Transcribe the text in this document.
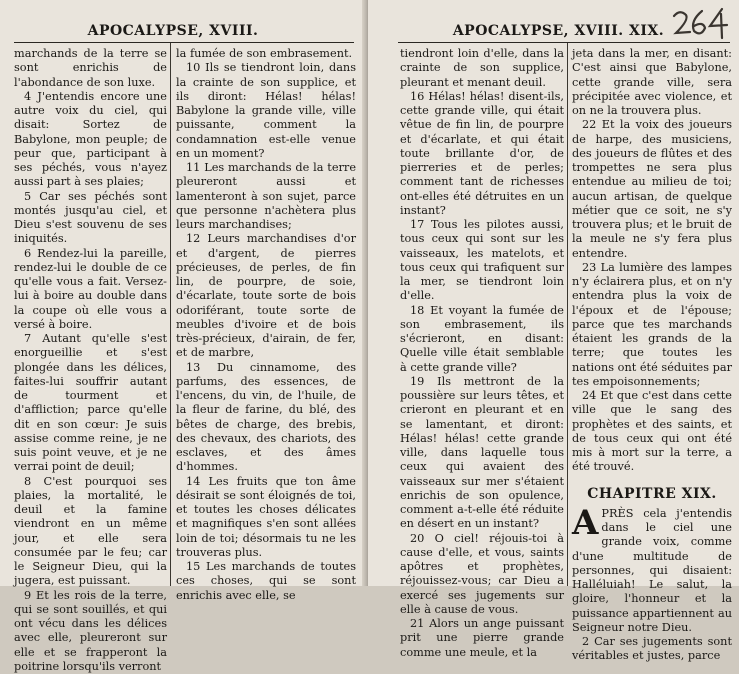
APOCALYPSE, XVIII.

marchands de la terre se sont enrichis de l'abondance de son luxe.

4 J'entendis encore une autre voix du ciel, qui disait: Sortez de Babylone, mon peuple; de peur que, participant à ses péchés, vous n'ayez aussi part à ses plaies;

5 Car ses péchés sont montés jusqu'au ciel, et Dieu s'est souvenu de ses iniquités.

6 Rendez-lui la pareille, rendez-lui le double de ce qu'elle vous a fait. Versez-lui à boire au double dans la coupe où elle vous a versé à boire.

7 Autant qu'elle s'est enorgueillie et s'est plongée dans les délices, faites-lui souffrir autant de tourment et d'affliction; parce qu'elle dit en son cœur: Je suis assise comme reine, je ne suis point veuve, et je ne verrai point de deuil;

8 C'est pourquoi ses plaies, la mortalité, le deuil et la famine viendront en un même jour, et elle sera consumée par le feu; car le Seigneur Dieu, qui la jugera, est puissant.

9 Et les rois de la terre, qui se sont souillés, et qui ont vécu dans les délices avec elle, pleureront sur elle et se frapperont la poitrine lorsqu'ils verront

la fumée de son embrasement.

10 Ils se tiendront loin, dans la crainte de son supplice, et ils diront: Hélas! hélas! Babylone la grande ville, ville puissante, comment la condamnation est-elle venue en un moment?

11 Les marchands de la terre pleureront aussi et lamenteront à son sujet, parce que personne n'achètera plus leurs marchandises;

12 Leurs marchandises d'or et d'argent, de pierres précieuses, de perles, de fin lin, de pourpre, de soie, d'écarlate, toute sorte de bois odoriférant, toute sorte de meubles d'ivoire et de bois très-précieux, d'airain, de fer, et de marbre,

13 Du cinnamome, des parfums, des essences, de l'encens, du vin, de l'huile, de la fleur de farine, du blé, des bêtes de charge, des brebis, des chevaux, des chariots, des esclaves, et des âmes d'hommes.

14 Les fruits que ton âme désirait se sont éloignés de toi, et toutes les choses délicates et magnifiques s'en sont allées loin de toi; désormais tu ne les trouveras plus.

15 Les marchands de toutes ces choses, qui se sont enrichis avec elle, se

APOCALYPSE, XVIII. XIX.

tiendront loin d'elle, dans la crainte de son supplice, pleurant et menant deuil.

16 Hélas! hélas! disent-ils, cette grande ville, qui était vêtue de fin lin, de pourpre et d'écarlate, et qui était toute brillante d'or, de pierreries et de perles; comment tant de richesses ont-elles été détruites en un instant?

17 Tous les pilotes aussi, tous ceux qui sont sur les vaisseaux, les matelots, et tous ceux qui trafiquent sur la mer, se tiendront loin d'elle.

18 Et voyant la fumée de son embrasement, ils s'écrieront, en disant: Quelle ville était semblable à cette grande ville?

19 Ils mettront de la poussière sur leurs têtes, et crieront en pleurant et en se lamentant, et diront: Hélas! hélas! cette grande ville, dans laquelle tous ceux qui avaient des vaisseaux sur mer s'étaient enrichis de son opulence, comment a-t-elle été réduite en désert en un instant?

20 O ciel! réjouis-toi à cause d'elle, et vous, saints apôtres et prophètes, réjouissez-vous; car Dieu a exercé ses jugements sur elle à cause de vous.

21 Alors un ange puissant prit une pierre grande comme une meule, et la

jeta dans la mer, en disant: C'est ainsi que Babylone, cette grande ville, sera précipitée avec violence, et on ne la trouvera plus.

22 Et la voix des joueurs de harpe, des musiciens, des joueurs de flûtes et des trompettes ne sera plus entendue au milieu de toi; aucun artisan, de quelque métier que ce soit, ne s'y trouvera plus; et le bruit de la meule ne s'y fera plus entendre.

23 La lumière des lampes n'y éclairera plus, et on n'y entendra plus la voix de l'époux et de l'épouse; parce que tes marchands étaient les grands de la terre; que toutes les nations ont été séduites par tes empoisonnements;

24 Et que c'est dans cette ville que le sang des prophètes et des saints, et de tous ceux qui ont été mis à mort sur la terre, a été trouvé.

CHAPITRE XIX.

APRÈS cela j'entendis dans le ciel une grande voix, comme d'une multitude de personnes, qui disaient: Halléluiah! Le salut, la gloire, l'honneur et la puissance appartiennent au Seigneur notre Dieu.

2 Car ses jugements sont véritables et justes, parce
